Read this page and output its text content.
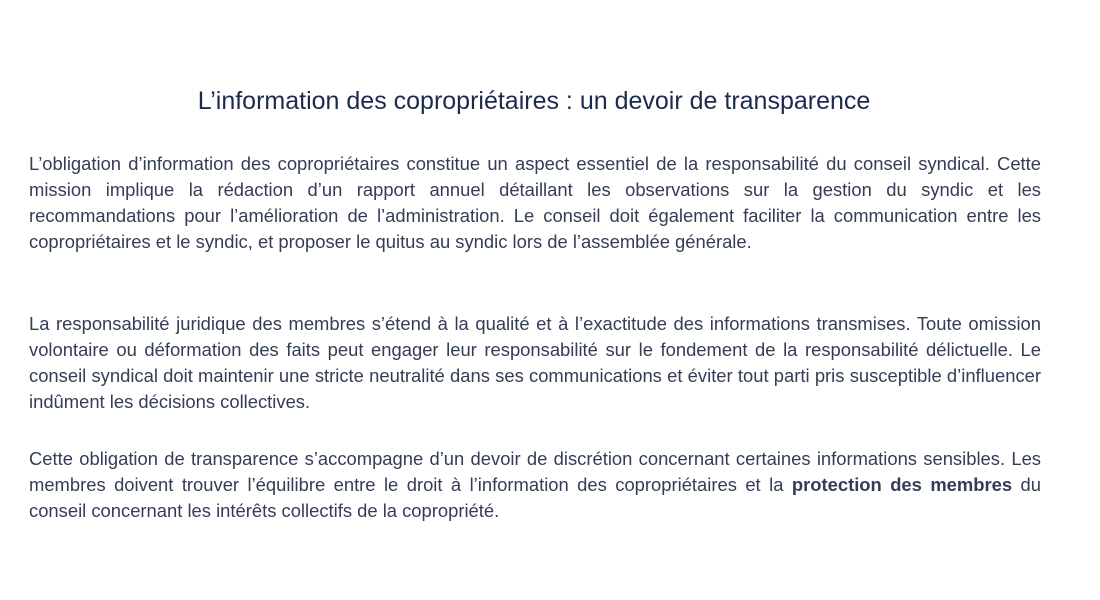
L’information des copropriétaires : un devoir de transparence

L’obligation d’information des copropriétaires constitue un aspect essentiel de la responsabilité du conseil syndical. Cette mission implique la rédaction d’un rapport annuel détaillant les observations sur la gestion du syndic et les recommandations pour l’amélioration de l’administration. Le conseil doit également faciliter la communication entre les copropriétaires et le syndic, et proposer le quitus au syndic lors de l’assemblée générale.

La responsabilité juridique des membres s’étend à la qualité et à l’exactitude des informations transmises. Toute omission volontaire ou déformation des faits peut engager leur responsabilité sur le fondement de la responsabilité délictuelle. Le conseil syndical doit maintenir une stricte neutralité dans ses communications et éviter tout parti pris susceptible d’influencer indûment les décisions collectives.

Cette obligation de transparence s’accompagne d’un devoir de discrétion concernant certaines informations sensibles. Les membres doivent trouver l’équilibre entre le droit à l’information des copropriétaires et la protection des membres du conseil concernant les intérêts collectifs de la copropriété.
